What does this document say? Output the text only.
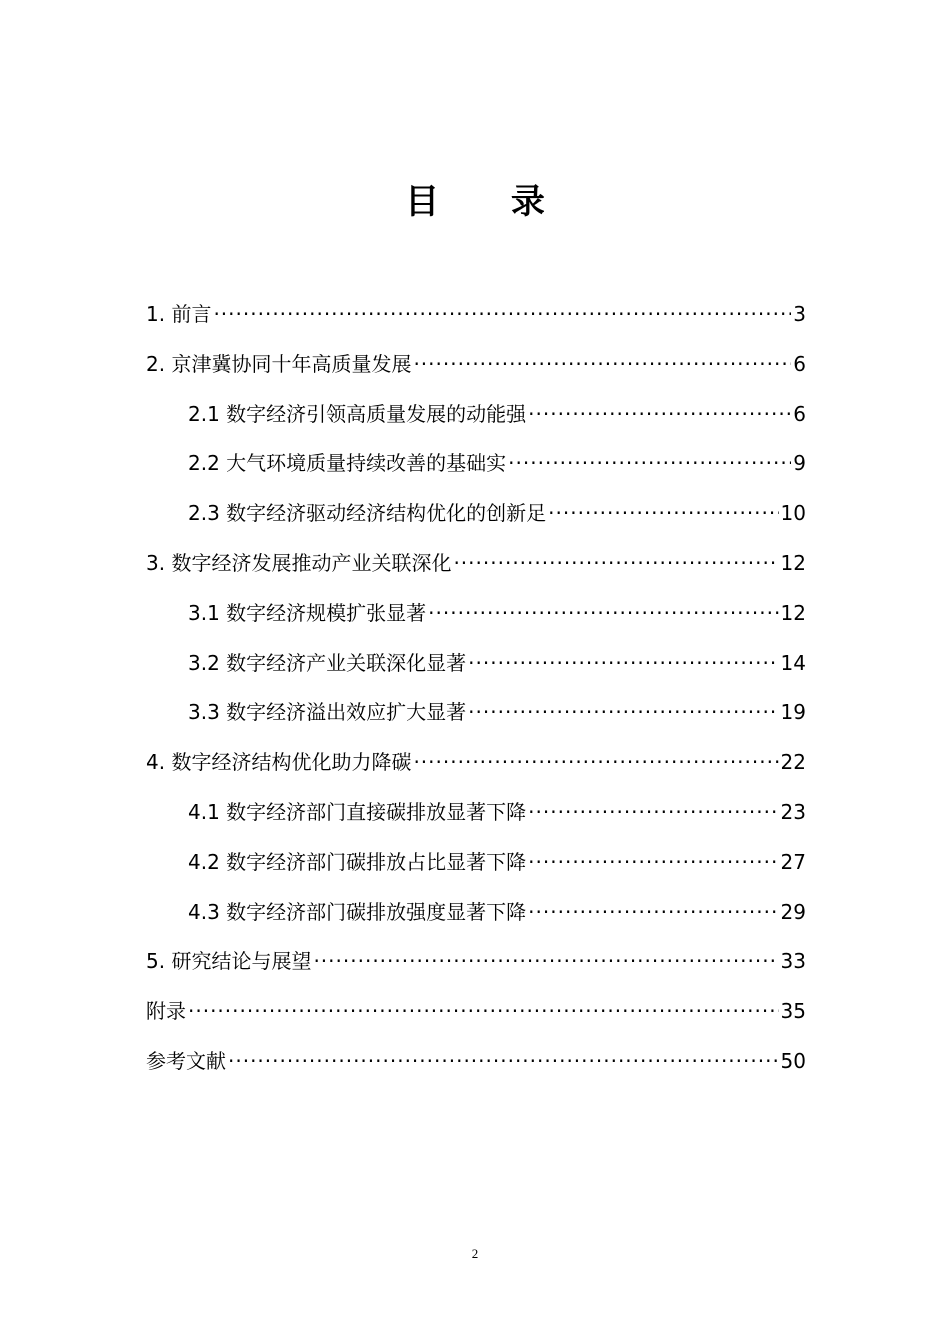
目 录
1. 前言 ·····	3
2. 京津冀协同十年高质量发展 ·····	6
2.1 数字经济引领高质量发展的动能强 ·····	6
2.2 大气环境质量持续改善的基础实 ·····	9
2.3 数字经济驱动经济结构优化的创新足 ·····	10
3. 数字经济发展推动产业关联深化 ·····	12
3.1 数字经济规模扩张显著 ·····	12
3.2 数字经济产业关联深化显著 ·····	14
3.3 数字经济溢出效应扩大显著 ·····	19
4. 数字经济结构优化助力降碳 ·····	22
4.1 数字经济部门直接碳排放显著下降 ·····	23
4.2 数字经济部门碳排放占比显著下降 ·····	27
4.3 数字经济部门碳排放强度显著下降 ·····	29
5. 研究结论与展望 ·····	33
附录 ·····	35
参考文献 ·····	50
2
